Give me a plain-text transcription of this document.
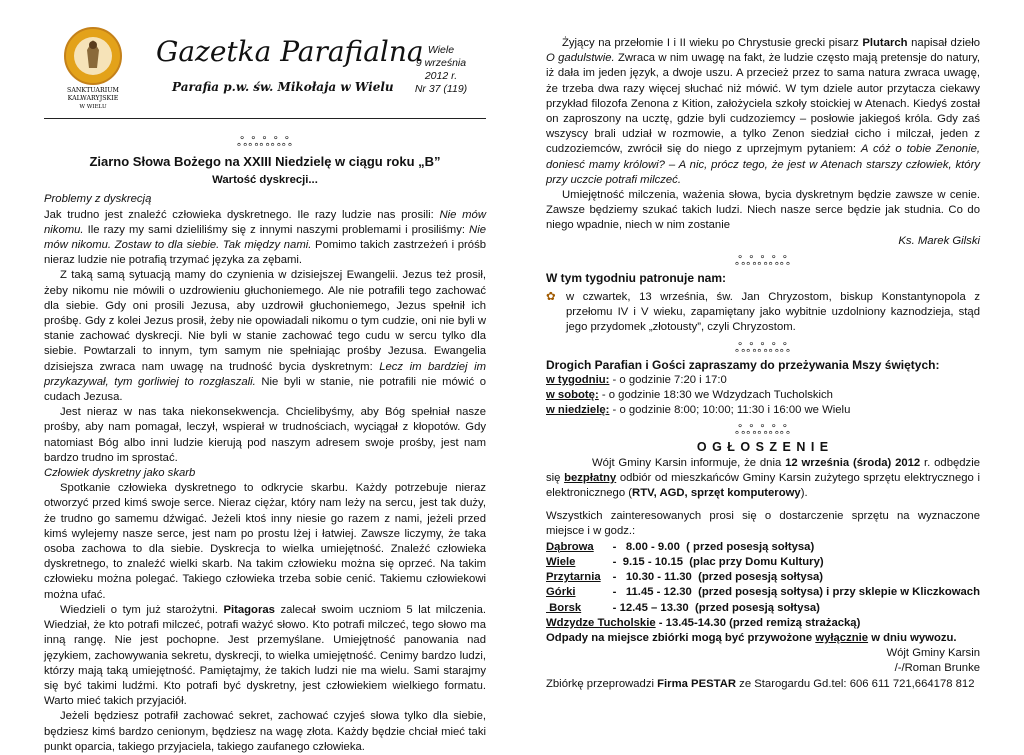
SANKTUARIUM
KALWARYJSKIE
W WIELU
Gazetka Parafialna
Parafia p.w. św. Mikołaja w Wielu
Wiele
9 września
2012 r.
Nr 37 (119)
ஃஃஃஃஃ
Ziarno Słowa Bożego na XXIII Niedzielę w ciągu roku „B”
Wartość dyskrecji...

Problemy z dyskrecją

Jak trudno jest znaleźć człowieka dyskretnego. Ile razy ludzie nas prosili: Nie mów nikomu. Ile razy my sami dzieliliśmy się z innymi naszymi problemami i prosiliśmy: Nie mów nikomu. Zostaw to dla siebie. Tak między nami. Pomimo takich zastrzeżeń i próśb nieraz ludzie nie potrafią trzymać języka za zębami.

Z taką samą sytuacją mamy do czynienia w dzisiejszej Ewangelii. Jezus też prosił, żeby nikomu nie mówili o uzdrowieniu głuchoniemego. Ale nie potrafili tego zachować dla siebie. Gdy oni prosili Jezusa, aby uzdrowił głuchoniemego, Jezus spełnił ich prośbę. Gdy z kolei Jezus prosił, żeby nie opowiadali nikomu o tym cudzie, oni nie byli w stanie zachować dyskrecji. Nie byli w stanie zachować tego cudu w sercu tylko dla siebie. Powtarzali to innym, tym samym nie spełniając prośby Jezusa. Ewangelia dzisiejsza zwraca nam uwagę na trudność bycia dyskretnym: Lecz im bardziej im przykazywał, tym gorliwiej to rozgłaszali. Nie byli w stanie, nie potrafili nie mówić o cudach Jezusa.

Jest nieraz w nas taka niekonsekwencja. Chcielibyśmy, aby Bóg spełniał nasze prośby, aby nam pomagał, leczył, wspierał w trudnościach, wyciągał z kłopotów. Gdy natomiast Bóg albo inni ludzie kierują pod naszym adresem swoje prośby, jest nam bardzo trudno im sprostać.

Człowiek dyskretny jako skarb

Spotkanie człowieka dyskretnego to odkrycie skarbu. Każdy potrzebuje nieraz otworzyć przed kimś swoje serce. Nieraz ciężar, który nam leży na sercu, jest tak duży, że trudno go samemu dźwigać. Jeżeli ktoś inny niesie go razem z nami, jeżeli przed kimś wylejemy nasze serce, jest nam po prostu lżej i łatwiej. Zawsze liczymy, że taka osoba zachowa to dla siebie. Dyskrecja to wielka umiejętność. Znaleźć człowieka dyskretnego, to znaleźć wielki skarb. Na takim człowieku można się oprzeć. Na takim człowieku można polegać. Takiego człowieka trzeba sobie cenić. Takiemu człowiekowi można ufać.

Wiedzieli o tym już starożytni. Pitagoras zalecał swoim uczniom 5 lat milczenia. Wiedział, że kto potrafi milczeć, potrafi ważyć słowo. Kto potrafi milczeć, tego słowo ma inną rangę. Nie jest pochopne. Jest przemyślane. Umiejętność panowania nad językiem, zachowywania sekretu, dyskrecji, to wielka umiejętność. Cenimy bardzo ludzi, którzy mają taką umiejętność. Pamiętajmy, że takich ludzi nie ma wielu. Sami starajmy się być takimi ludźmi. Kto potrafi być dyskretny, jest człowiekiem wielkiego formatu. Warto mieć takich przyjaciół.

Jeżeli będziesz potrafił zachować sekret, zachować czyjeś słowa tylko dla siebie, będziesz kimś bardzo cenionym, będziesz na wagę złota. Każdy będzie chciał mieć taki punkt oparcia, takiego przyjaciela, takiego zaufanego człowieka.

Żyjący na przełomie I i II wieku po Chrystusie grecki pisarz Plutarch napisał dzieło O gadulstwie. Zwraca w nim uwagę na fakt, że ludzie często mają pretensje do natury, iż dała im jeden język, a dwoje uszu. A przecież przez to sama natura zwraca uwagę, że trzeba dwa razy więcej słuchać niż mówić. W tym dziele autor przytacza ciekawy przykład filozofa Zenona z Kition, założyciela szkoły stoickiej w Atenach. Kiedyś został on zaproszony na ucztę, gdzie byli cudzoziemcy – posłowie jakiegoś króla. Gdy zaś wszyscy brali udział w rozmowie, a tylko Zenon siedział cicho i milczał, jeden z cudzoziemców, zwrócił się do niego z uprzejmym pytaniem: A cóż o tobie Zenonie, doniesć mamy królowi? – A nic, prócz tego, że jest w Atenach starszy człowiek, który przy uczcie potrafi milczeć.

Umiejętność milczenia, ważenia słowa, bycia dyskretnym będzie zawsze w cenie. Zawsze będziemy szukać takich ludzi. Niech nasze serce będzie jak studnia. Co do niego wpadnie, niech w nim zostanie

Ks. Marek Gilski

ஃஃஃஃஃ

W tym tygodniu patronuje nam:

✿ w czwartek, 13 września, św. Jan Chryzostom, biskup Konstantynopola z przełomu IV i V wieku, zapamiętany jako wybitnie uzdolniony kaznodzieja, stąd jego przydomek „złotousty”, czyli Chryzostom.

ஃஃஃஃஃ

Drogich Parafian i Gości zapraszamy do przeżywania Mszy świętych:

w tygodniu: - o godzinie 7:20 i 17:0

w sobotę: - o godzinie 18:30 we Wdzydzach Tucholskich

w niedzielę: - o godzinie 8:00; 10:00; 11:30 i 16:00 we Wielu

ஃஃஃஃஃ

O G Ł O S Z E N I E

Wójt Gminy Karsin informuje, że dnia 12 września (środa) 2012 r. odbędzie się bezpłatny odbiór od mieszkańców Gminy Karsin zużytego sprzętu elektrycznego i elektronicznego (RTV, AGD, sprzęt komputerowy).

Wszystkich zainteresowanych prosi się o dostarczenie sprzętu na wyznaczone miejsce i w godz.:

Dąbrowa	-   8.00 - 9.00  ( przed posesją sołtysa)
Wiele	-  9.15 - 10.15  (plac przy Domu Kultury)
Przytarnia	-   10.30 - 11.30  (przed posesją sołtysa)
Górki	-   11.45 - 12.30  (przed posesją sołtysa) i przy sklepie w Kliczkowach
Borsk	- 12.45 – 13.30  (przed posesją sołtysa)

Wdzydze Tucholskie - 13.45-14.30 (przed remizą strażacką)

Odpady na miejsce zbiórki mogą być przywożone wyłącznie w dniu wywozu.

Wójt Gminy Karsin

/-/Roman Brunke

Zbiórkę przeprowadzi Firma PESTAR ze Starogardu Gd.tel: 606 611 721,664178 812
